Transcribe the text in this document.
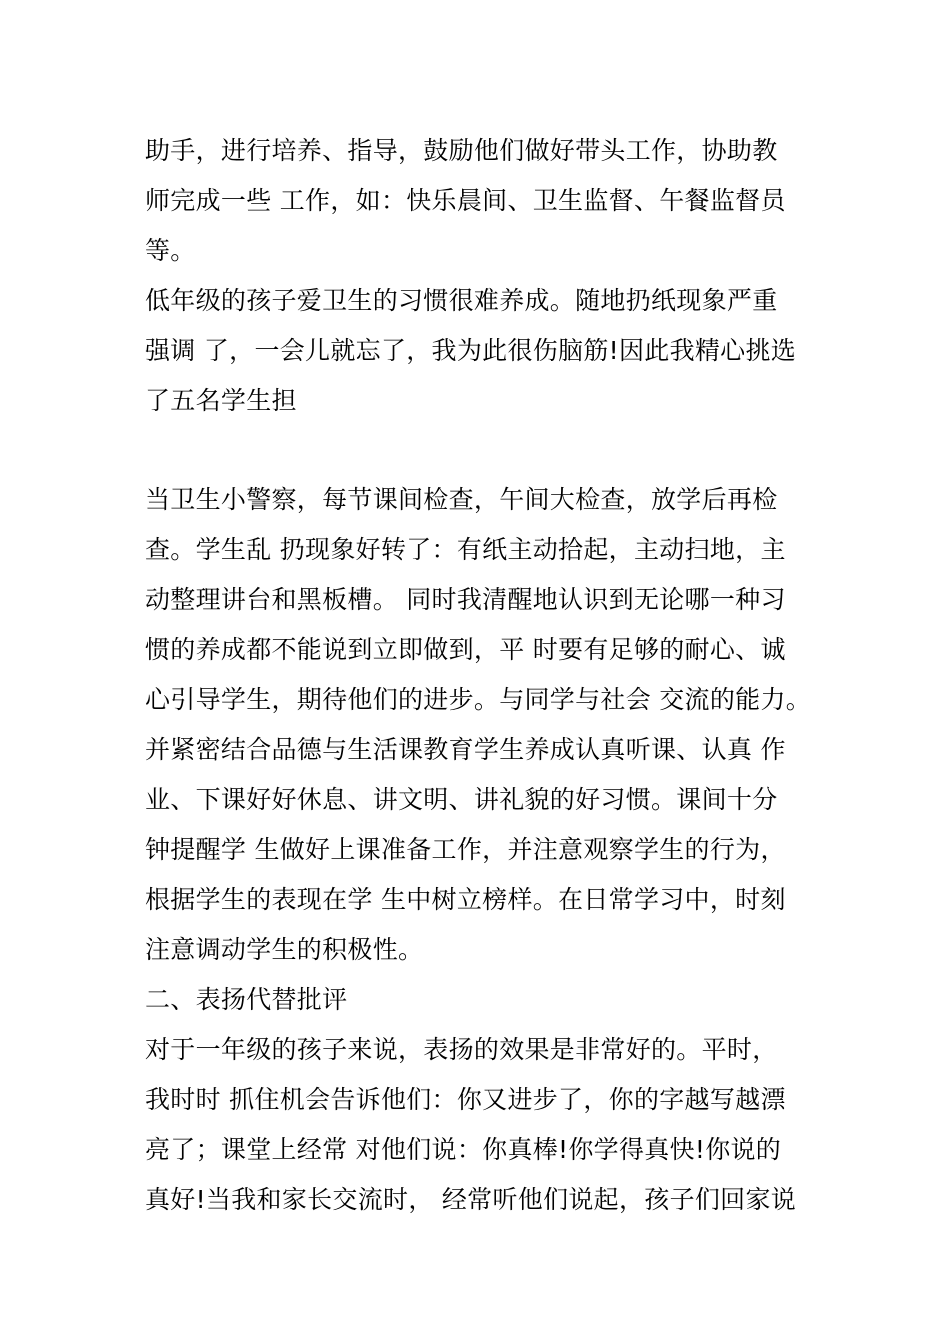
助手，进行培养、指导，鼓励他们做好带头工作，协助教
师完成一些 工作，如：快乐晨间、卫生监督、午餐监督员
等。
低年级的孩子爱卫生的习惯很难养成。随地扔纸现象严重
强调 了，一会儿就忘了，我为此很伤脑筋!因此我精心挑选
了五名学生担
当卫生小警察，每节课间检查，午间大检查，放学后再检
查。学生乱 扔现象好转了：有纸主动拾起，主动扫地，主
动整理讲台和黑板槽。 同时我清醒地认识到无论哪一种习
惯的养成都不能说到立即做到，平 时要有足够的耐心、诚
心引导学生，期待他们的进步。与同学与社会 交流的能力。
并紧密结合品德与生活课教育学生养成认真听课、认真 作
业、下课好好休息、讲文明、讲礼貌的好习惯。课间十分
钟提醒学 生做好上课准备工作，并注意观察学生的行为，
根据学生的表现在学 生中树立榜样。在日常学习中，时刻
注意调动学生的积极性。
二、表扬代替批评
对于一年级的孩子来说，表扬的效果是非常好的。平时，
我时时 抓住机会告诉他们：你又进步了，你的字越写越漂
亮了；课堂上经常 对他们说：你真棒!你学得真快!你说的
真好!当我和家长交流时， 经常听他们说起，孩子们回家说
